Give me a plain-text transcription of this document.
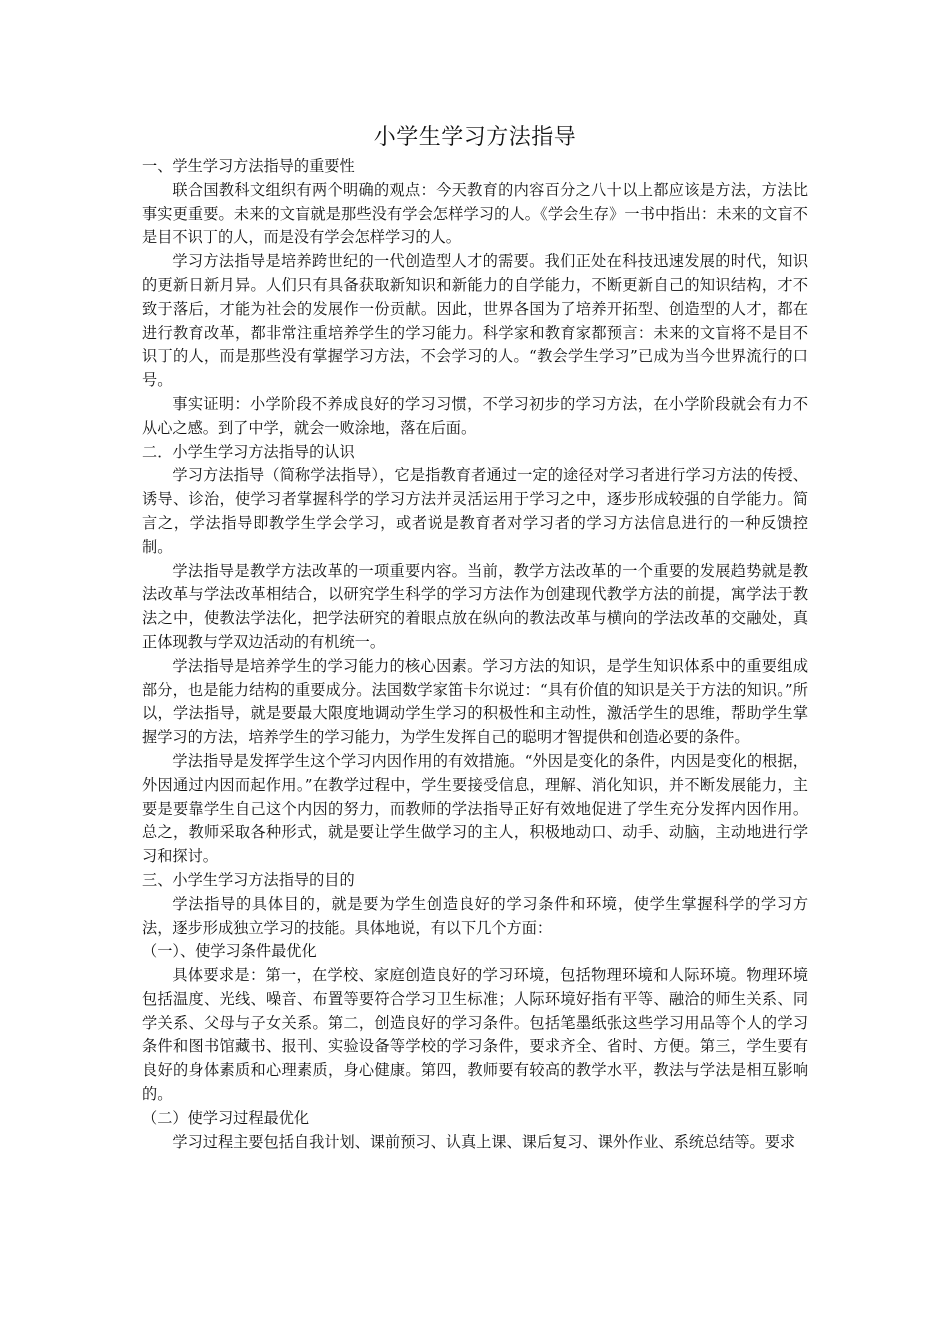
小学生学习方法指导

一、学生学习方法指导的重要性

联合国教科文组织有两个明确的观点：今天教育的内容百分之八十以上都应该是方法，方法比事实更重要。未来的文盲就是那些没有学会怎样学习的人。《学会生存》一书中指出：未来的文盲不是目不识丁的人，而是没有学会怎样学习的人。

学习方法指导是培养跨世纪的一代创造型人才的需要。我们正处在科技迅速发展的时代，知识的更新日新月异。人们只有具备获取新知识和新能力的自学能力，不断更新自己的知识结构，才不致于落后，才能为社会的发展作一份贡献。因此，世界各国为了培养开拓型、创造型的人才，都在进行教育改革，都非常注重培养学生的学习能力。科学家和教育家都预言：未来的文盲将不是目不识丁的人，而是那些没有掌握学习方法，不会学习的人。“教会学生学习”已成为当今世界流行的口号。

事实证明：小学阶段不养成良好的学习习惯，不学习初步的学习方法，在小学阶段就会有力不从心之感。到了中学，就会一败涂地，落在后面。

二．小学生学习方法指导的认识

学习方法指导（简称学法指导），它是指教育者通过一定的途径对学习者进行学习方法的传授、诱导、诊治，使学习者掌握科学的学习方法并灵活运用于学习之中，逐步形成较强的自学能力。简言之，学法指导即教学生学会学习，或者说是教育者对学习者的学习方法信息进行的一种反馈控制。

学法指导是教学方法改革的一项重要内容。当前，教学方法改革的一个重要的发展趋势就是教法改革与学法改革相结合，以研究学生科学的学习方法作为创建现代教学方法的前提，寓学法于教法之中，使教法学法化，把学法研究的着眼点放在纵向的教法改革与横向的学法改革的交融处，真正体现教与学双边活动的有机统一。

学法指导是培养学生的学习能力的核心因素。学习方法的知识，是学生知识体系中的重要组成部分，也是能力结构的重要成分。法国数学家笛卡尔说过：“具有价值的知识是关于方法的知识。”所以，学法指导，就是要最大限度地调动学生学习的积极性和主动性，激活学生的思维，帮助学生掌握学习的方法，培养学生的学习能力，为学生发挥自己的聪明才智提供和创造必要的条件。

学法指导是发挥学生这个学习内因作用的有效措施。“外因是变化的条件，内因是变化的根据，外因通过内因而起作用。”在教学过程中，学生要接受信息，理解、消化知识，并不断发展能力，主要是要靠学生自己这个内因的努力，而教师的学法指导正好有效地促进了学生充分发挥内因作用。总之，教师采取各种形式，就是要让学生做学习的主人，积极地动口、动手、动脑，主动地进行学习和探讨。

三、小学生学习方法指导的目的

学法指导的具体目的，就是要为学生创造良好的学习条件和环境，使学生掌握科学的学习方法，逐步形成独立学习的技能。具体地说，有以下几个方面：

（一）、使学习条件最优化

具体要求是：第一，在学校、家庭创造良好的学习环境，包括物理环境和人际环境。物理环境包括温度、光线、噪音、布置等要符合学习卫生标准；人际环境好指有平等、融洽的师生关系、同学关系、父母与子女关系。第二，创造良好的学习条件。包括笔墨纸张这些学习用品等个人的学习条件和图书馆藏书、报刊、实验设备等学校的学习条件，要求齐全、省时、方便。第三，学生要有良好的身体素质和心理素质，身心健康。第四，教师要有较高的教学水平，教法与学法是相互影响的。

（二）使学习过程最优化

学习过程主要包括自我计划、课前预习、认真上课、课后复习、课外作业、系统总结等。要求
